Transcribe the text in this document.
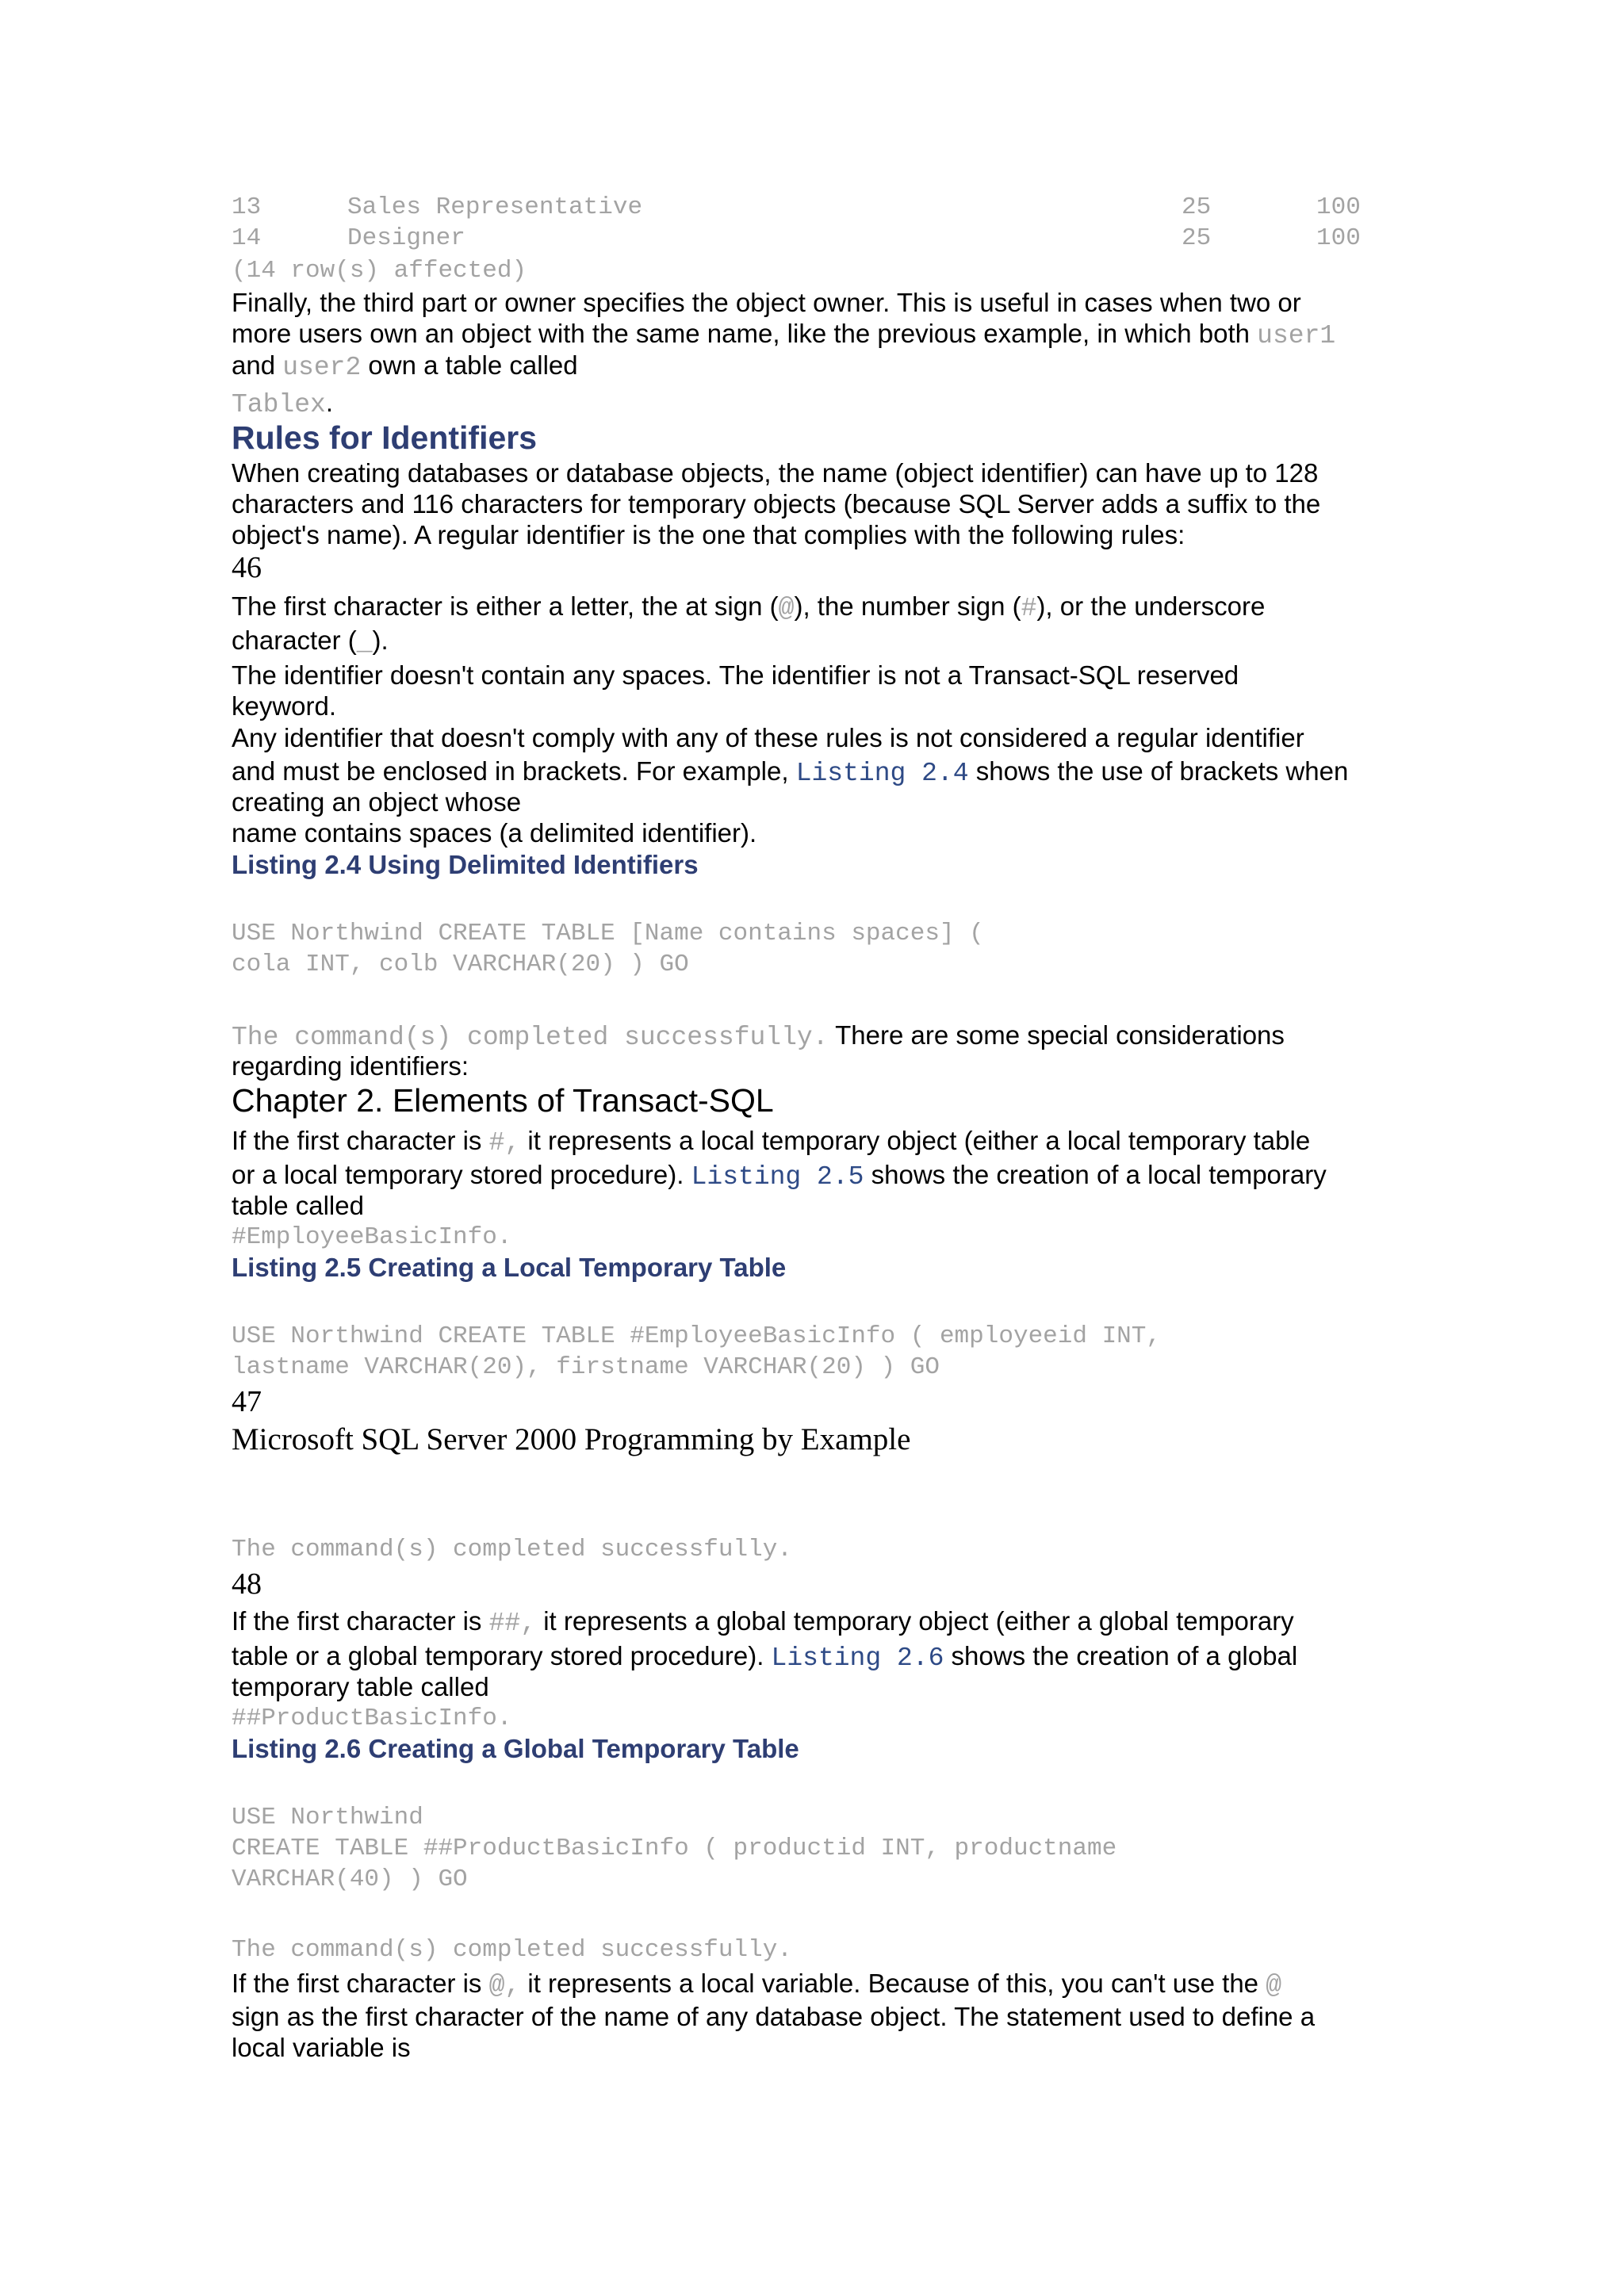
13	Sales Representative	25	100
14	Designer	25	100

(14 row(s) affected)

Finally, the third part or owner specifies the object owner. This is useful in cases when two or

more users own an object with the same name, like the previous example, in which both user1

and user2 own a table called

Tablex.

Rules for Identifiers

When creating databases or database objects, the name (object identifier) can have up to 128

characters and 116 characters for temporary objects (because SQL Server adds a suffix to the

object's name). A regular identifier is the one that complies with the following rules:

46

The first character is either a letter, the at sign (@), the number sign (#), or the underscore

character (_).

The identifier doesn't contain any spaces. The identifier is not a Transact-SQL reserved

keyword.

Any identifier that doesn't comply with any of these rules is not considered a regular identifier

and must be enclosed in brackets. For example, Listing 2.4 shows the use of brackets when

creating an object whose

name contains spaces (a delimited identifier).

Listing 2.4 Using Delimited Identifiers

USE Northwind CREATE TABLE [Name contains spaces] (

cola INT, colb VARCHAR(20) ) GO

The command(s) completed successfully. There are some special considerations

regarding identifiers:

Chapter 2. Elements of Transact-SQL

If the first character is #, it represents a local temporary object (either a local temporary table

or a local temporary stored procedure). Listing 2.5 shows the creation of a local temporary

table called

#EmployeeBasicInfo.

Listing 2.5 Creating a Local Temporary Table

USE Northwind CREATE TABLE #EmployeeBasicInfo ( employeeid INT,

lastname VARCHAR(20), firstname VARCHAR(20) ) GO

47

Microsoft SQL Server 2000 Programming by Example

The command(s) completed successfully.

48

If the first character is ##, it represents a global temporary object (either a global temporary

table or a global temporary stored procedure). Listing 2.6 shows the creation of a global

temporary table called

##ProductBasicInfo.

Listing 2.6 Creating a Global Temporary Table

USE Northwind

CREATE TABLE ##ProductBasicInfo ( productid INT, productname

VARCHAR(40) ) GO

The command(s) completed successfully.

If the first character is @, it represents a local variable. Because of this, you can't use the @

sign as the first character of the name of any database object. The statement used to define a

local variable is
